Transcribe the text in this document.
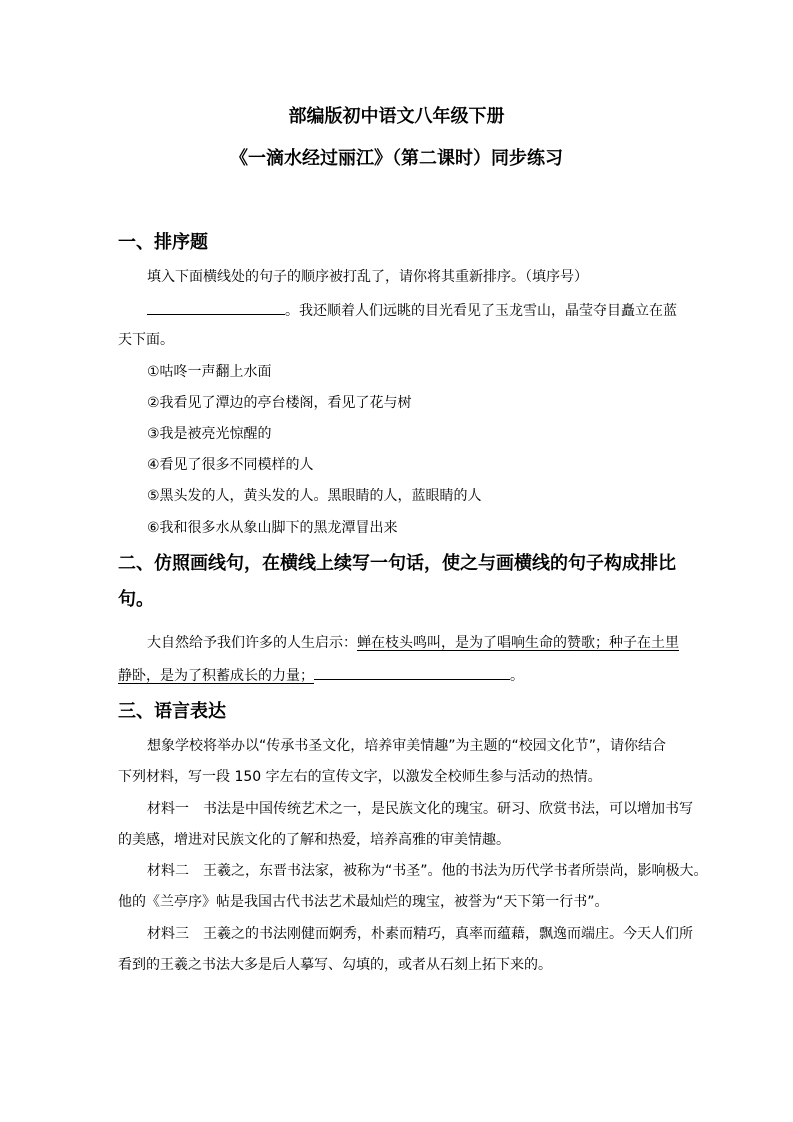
部编版初中语文八年级下册
《一滴水经过丽江》（第二课时）同步练习
一、排序题
填入下面横线处的句子的顺序被打乱了，请你将其重新排序。（填序号）
。我还顺着人们远眺的目光看见了玉龙雪山，晶莹夺目矗立在蓝
天下面。
①咕咚一声翻上水面
②我看见了潭边的亭台楼阁，看见了花与树
③我是被亮光惊醒的
④看见了很多不同模样的人
⑤黑头发的人，黄头发的人。黑眼睛的人，蓝眼睛的人
⑥我和很多水从象山脚下的黑龙潭冒出来
二、仿照画线句，在横线上续写一句话，使之与画横线的句子构成排比句。
大自然给予我们许多的人生启示：蝉在枝头鸣叫，是为了唱响生命的赞歌；种子在土里
静卧，是为了积蓄成长的力量；	。
三、语言表达
想象学校将举办以“传承书圣文化，培养审美情趣”为主题的“校园文化节”，请你结合
下列材料，写一段 150 字左右的宣传文字，以激发全校师生参与活动的热情。
材料一　书法是中国传统艺术之一，是民族文化的瑰宝。研习、欣赏书法，可以增加书写
的美感，增进对民族文化的了解和热爱，培养高雅的审美情趣。
材料二　王羲之，东晋书法家，被称为“书圣”。他的书法为历代学书者所崇尚，影响极大。
他的《兰亭序》帖是我国古代书法艺术最灿烂的瑰宝，被誉为“天下第一行书”。
材料三　王羲之的书法刚健而婀秀，朴素而精巧，真率而蕴藉，飘逸而端庄。今天人们所
看到的王羲之书法大多是后人摹写、勾填的，或者从石刻上拓下来的。
